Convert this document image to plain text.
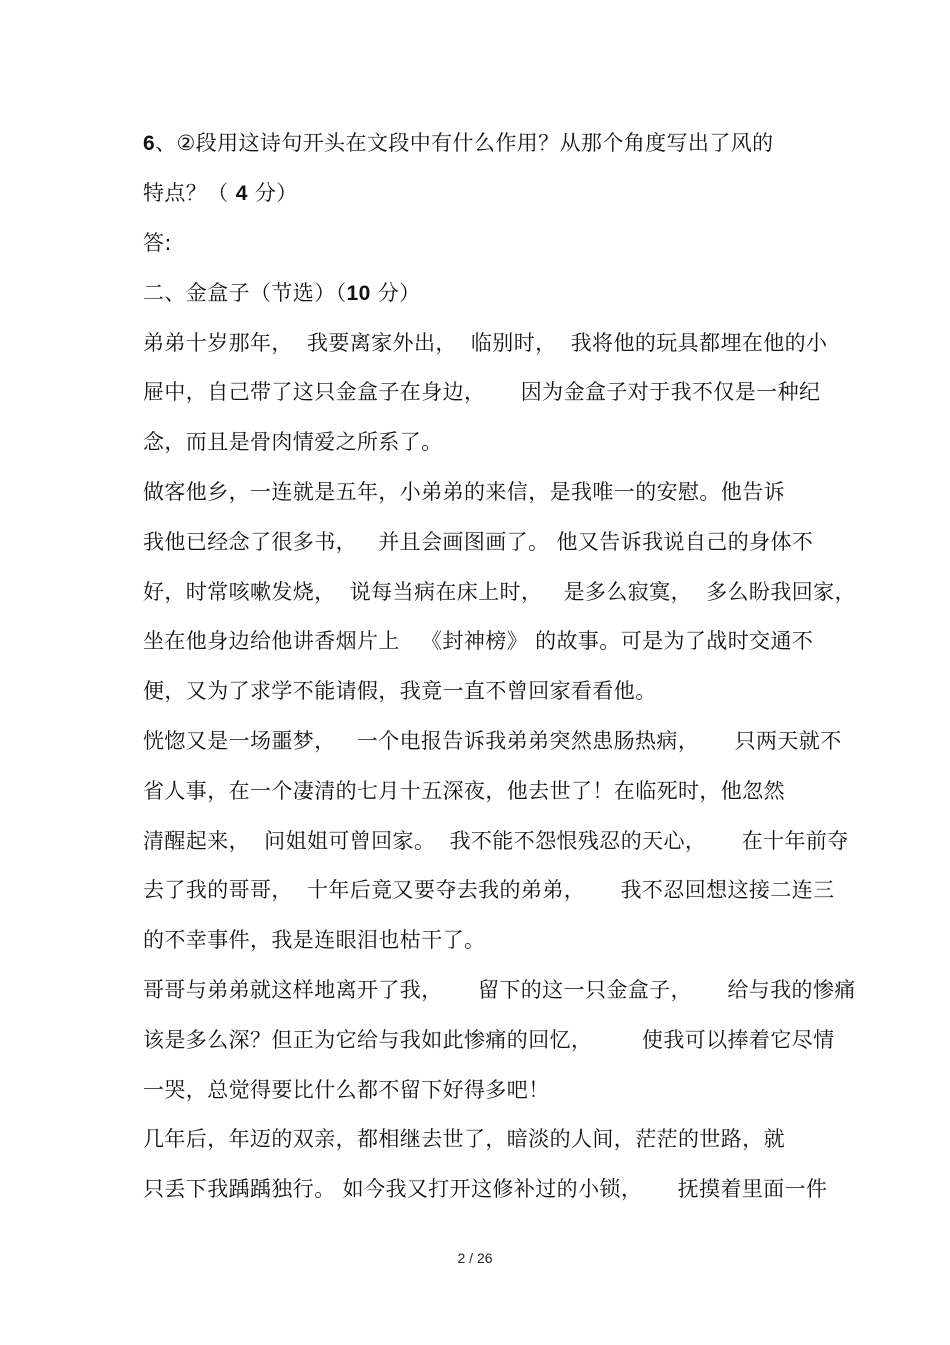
6、②段用这诗句开头在文段中有什么作用？从那个角度写出了风的
特点？（ 4 分）
答:
二、金盒子（节选）（10 分）
弟弟十岁那年，  我要离家外出，  临别时，  我将他的玩具都埋在他的小
屉中，自己带了这只金盒子在身边，     因为金盒子对于我不仅是一种纪
念，而且是骨肉情爱之所系了。
做客他乡，一连就是五年，小弟弟的来信，是我唯一的安慰。他告诉
我他已经念了很多书，   并且会画图画了。 他又告诉我说自己的身体不
好，时常咳嗽发烧，  说每当病在床上时，   是多么寂寞，  多么盼我回家，
坐在他身边给他讲香烟片上   《封神榜》 的故事。可是为了战时交通不
便，又为了求学不能请假，我竟一直不曾回家看看他。
恍惚又是一场噩梦，   一个电报告诉我弟弟突然患肠热病，     只两天就不
省人事，在一个凄清的七月十五深夜，他去世了！在临死时，他忽然
清醒起来，  问姐姐可曾回家。  我不能不怨恨残忍的天心，     在十年前夺
去了我的哥哥，  十年后竟又要夺去我的弟弟，     我不忍回想这接二连三
的不幸事件，我是连眼泪也枯干了。
哥哥与弟弟就这样地离开了我，     留下的这一只金盒子，     给与我的惨痛
该是多么深？但正为它给与我如此惨痛的回忆，       使我可以捧着它尽情
一哭，总觉得要比什么都不留下好得多吧！
几年后，年迈的双亲，都相继去世了，暗淡的人间，茫茫的世路，就
只丢下我踽踽独行。 如今我又打开这修补过的小锁，     抚摸着里面一件
2 / 26
